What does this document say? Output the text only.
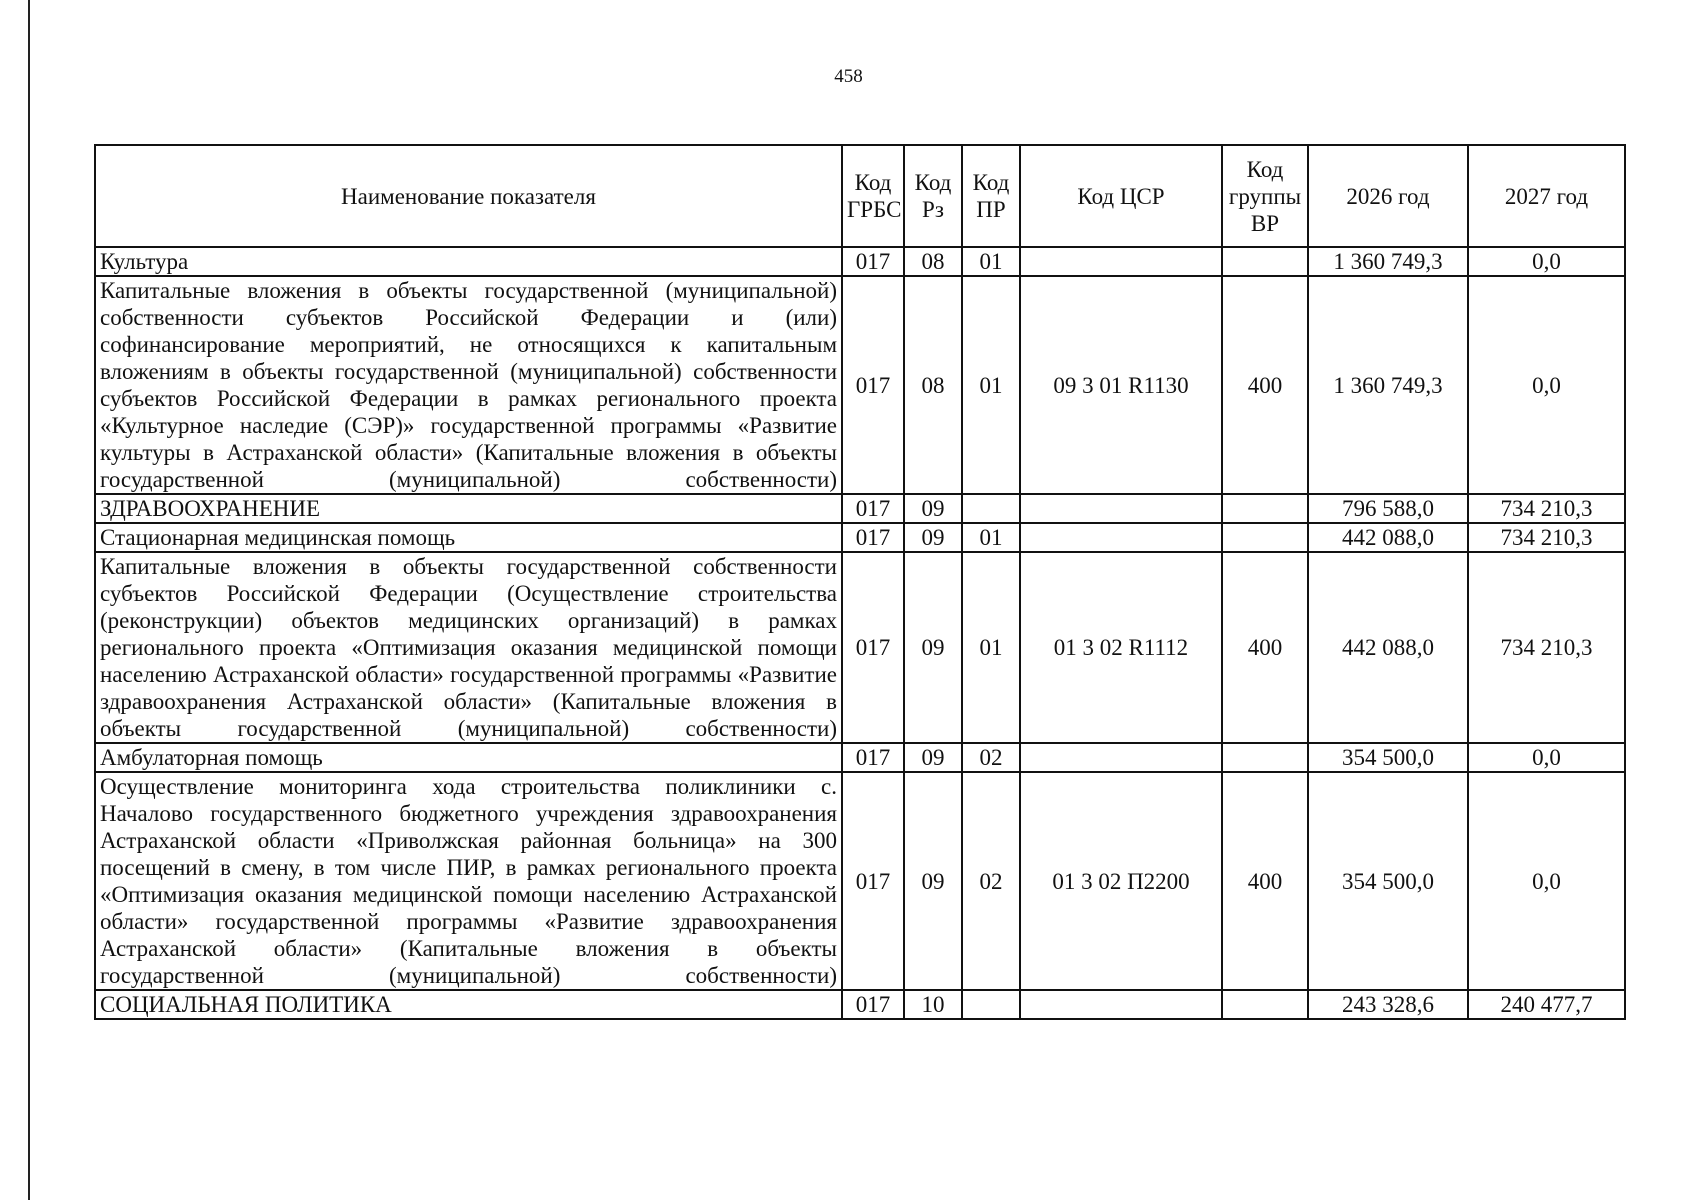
458
Наименование показателя	Код ГРБС	Код Рз	Код ПР	Код ЦСР	Код группы ВР	2026 год	2027 год
Культура	017	08	01			1 360 749,3	0,0
Капитальные вложения в объекты государственной (муниципальной) собственности субъектов Российской Федерации и (или) софинансирование мероприятий, не относящихся к капитальным вложениям в объекты государственной (муниципальной) собственности субъектов Российской Федерации в рамках регионального проекта «Культурное наследие (СЭР)» государственной программы «Развитие культуры в Астраханской области» (Капитальные вложения в объекты государственной (муниципальной) собственности)	017	08	01	09 3 01 R1130	400	1 360 749,3	0,0
ЗДРАВООХРАНЕНИЕ	017	09				796 588,0	734 210,3
Стационарная медицинская помощь	017	09	01			442 088,0	734 210,3
Капитальные вложения в объекты государственной собственности субъектов Российской Федерации (Осуществление строительства (реконструкции) объектов медицинских организаций) в рамках регионального проекта «Оптимизация оказания медицинской помощи населению Астраханской области» государственной программы «Развитие здравоохранения Астраханской области» (Капитальные вложения в объекты государственной (муниципальной) собственности)	017	09	01	01 3 02 R1112	400	442 088,0	734 210,3
Амбулаторная помощь	017	09	02			354 500,0	0,0
Осуществление мониторинга хода строительства поликлиники с. Началово государственного бюджетного учреждения здравоохранения Астраханской области «Приволжская районная больница» на 300 посещений в смену, в том числе ПИР, в рамках регионального проекта «Оптимизация оказания медицинской помощи населению Астраханской области» государственной программы «Развитие здравоохранения Астраханской области» (Капитальные вложения в объекты государственной (муниципальной) собственности)	017	09	02	01 3 02 П2200	400	354 500,0	0,0
СОЦИАЛЬНАЯ ПОЛИТИКА	017	10				243 328,6	240 477,7
